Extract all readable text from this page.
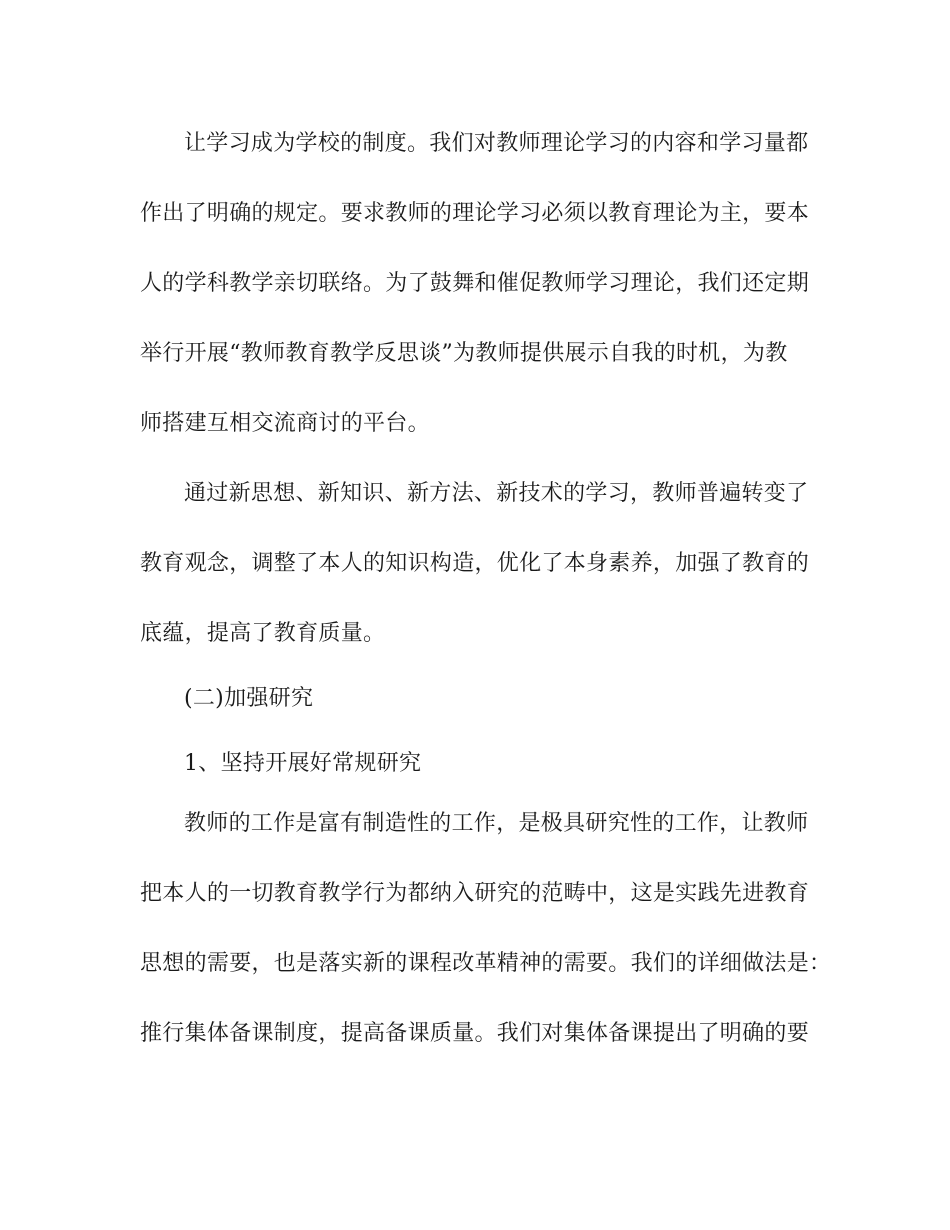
让学习成为学校的制度。我们对教师理论学习的内容和学习量都
作出了明确的规定。要求教师的理论学习必须以教育理论为主，要本
人的学科教学亲切联络。为了鼓舞和催促教师学习理论，我们还定期
举行开展“教师教育教学反思谈”为教师提供展示自我的时机，为教
师搭建互相交流商讨的平台。
通过新思想、新知识、新方法、新技术的学习，教师普遍转变了
教育观念，调整了本人的知识构造，优化了本身素养，加强了教育的
底蕴，提高了教育质量。
(二)加强研究
1、坚持开展好常规研究
教师的工作是富有制造性的工作，是极具研究性的工作，让教师
把本人的一切教育教学行为都纳入研究的范畴中，这是实践先进教育
思想的需要，也是落实新的课程改革精神的需要。我们的详细做法是：
推行集体备课制度，提高备课质量。我们对集体备课提出了明确的要
